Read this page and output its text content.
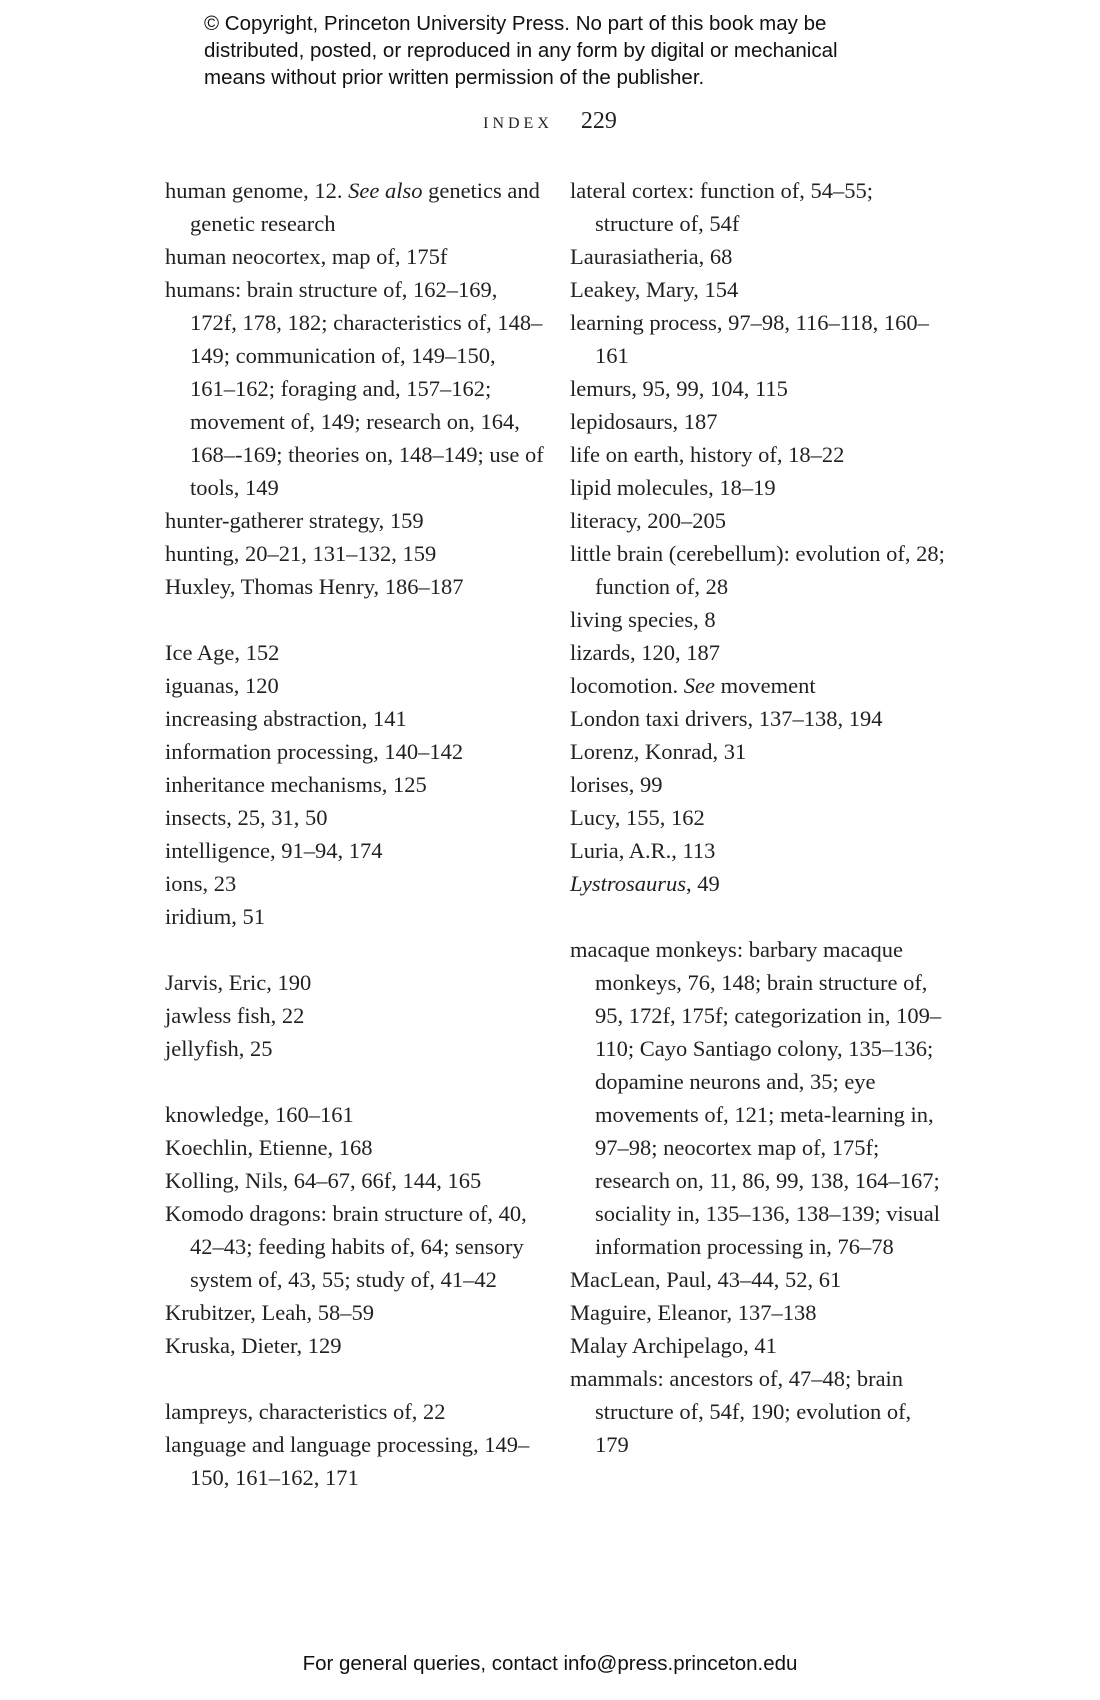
© Copyright, Princeton University Press. No part of this book may be
distributed, posted, or reproduced in any form by digital or mechanical
means without prior written permission of the publisher.
INDEX 229
human genome, 12. See also genetics and genetic research
human neocortex, map of, 175f
humans: brain structure of, 162–169, 172f, 178, 182; characteristics of, 148–149; communication of, 149–150, 161–162; foraging and, 157–162; movement of, 149; research on, 164, 168–-169; theories on, 148–149; use of tools, 149
hunter-gatherer strategy, 159
hunting, 20–21, 131–132, 159
Huxley, Thomas Henry, 186–187
Ice Age, 152
iguanas, 120
increasing abstraction, 141
information processing, 140–142
inheritance mechanisms, 125
insects, 25, 31, 50
intelligence, 91–94, 174
ions, 23
iridium, 51
Jarvis, Eric, 190
jawless fish, 22
jellyfish, 25
knowledge, 160–161
Koechlin, Etienne, 168
Kolling, Nils, 64–67, 66f, 144, 165
Komodo dragons: brain structure of, 40, 42–43; feeding habits of, 64; sensory system of, 43, 55; study of, 41–42
Krubitzer, Leah, 58–59
Kruska, Dieter, 129
lampreys, characteristics of, 22
language and language processing, 149–150, 161–162, 171
lateral cortex: function of, 54–55; structure of, 54f
Laurasiatheria, 68
Leakey, Mary, 154
learning process, 97–98, 116–118, 160–161
lemurs, 95, 99, 104, 115
lepidosaurs, 187
life on earth, history of, 18–22
lipid molecules, 18–19
literacy, 200–205
little brain (cerebellum): evolution of, 28; function of, 28
living species, 8
lizards, 120, 187
locomotion. See movement
London taxi drivers, 137–138, 194
Lorenz, Konrad, 31
lorises, 99
Lucy, 155, 162
Luria, A.R., 113
Lystrosaurus, 49
macaque monkeys: barbary macaque monkeys, 76, 148; brain structure of, 95, 172f, 175f; categorization in, 109–110; Cayo Santiago colony, 135–136; dopamine neurons and, 35; eye movements of, 121; meta-learning in, 97–98; neocortex map of, 175f; research on, 11, 86, 99, 138, 164–167; sociality in, 135–136, 138–139; visual information processing in, 76–78
MacLean, Paul, 43–44, 52, 61
Maguire, Eleanor, 137–138
Malay Archipelago, 41
mammals: ancestors of, 47–48; brain structure of, 54f, 190; evolution of, 179
For general queries, contact info@press.princeton.edu
